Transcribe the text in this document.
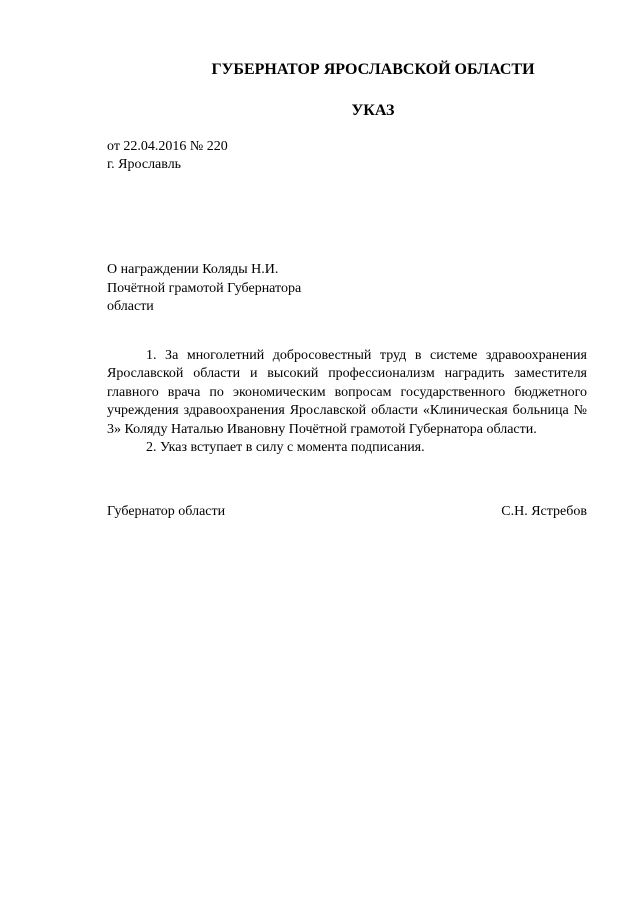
ГУБЕРНАТОР ЯРОСЛАВСКОЙ ОБЛАСТИ
УКАЗ
от 22.04.2016 № 220
г. Ярославль
О награждении Коляды Н.И.
Почётной грамотой Губернатора
области

1. За многолетний добросовестный труд в системе здравоохранения Ярославской области и высокий профессионализм наградить заместителя главного врача по экономическим вопросам государственного бюджетного учреждения здравоохранения Ярославской области «Клиническая больница № 3» Коляду Наталью Ивановну Почётной грамотой Губернатора области.

2. Указ вступает в силу с момента подписания.

Губернатор области	С.Н. Ястребов
